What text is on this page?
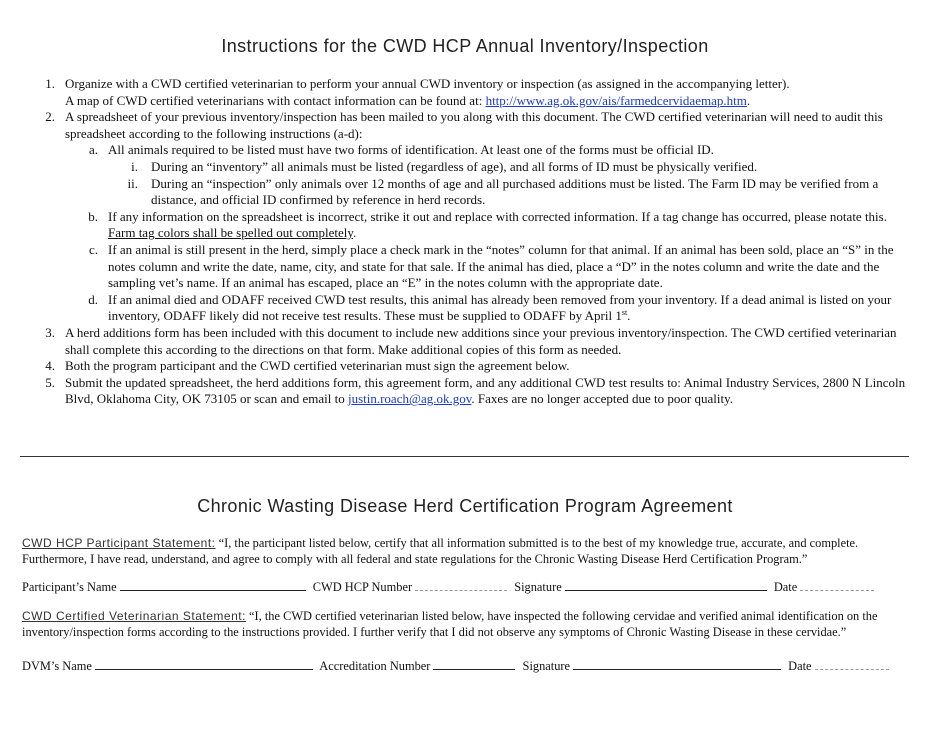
Instructions for the CWD HCP Annual Inventory/Inspection
1. Organize with a CWD certified veterinarian to perform your annual CWD inventory or inspection (as assigned in the accompanying letter).
A map of CWD certified veterinarians with contact information can be found at: http://www.ag.ok.gov/ais/farmedcervidaemap.htm.
2. A spreadsheet of your previous inventory/inspection has been mailed to you along with this document. The CWD certified veterinarian will need to audit this spreadsheet according to the following instructions (a-d):
a. All animals required to be listed must have two forms of identification. At least one of the forms must be official ID.
i.	During an “inventory” all animals must be listed (regardless of age), and all forms of ID must be physically verified.
ii.	During an “inspection” only animals over 12 months of age and all purchased additions must be listed. The Farm ID may be verified from a distance, and official ID confirmed by reference in herd records.
b. If any information on the spreadsheet is incorrect, strike it out and replace with corrected information. If a tag change has occurred, please notate this. Farm tag colors shall be spelled out completely.
c. If an animal is still present in the herd, simply place a check mark in the “notes” column for that animal. If an animal has been sold, place an “S” in the notes column and write the date, name, city, and state for that sale. If the animal has died, place a “D” in the notes column and write the date and the sampling vet’s name. If an animal has escaped, place an “E” in the notes column with the appropriate date.
d. If an animal died and ODAFF received CWD test results, this animal has already been removed from your inventory. If a dead animal is listed on your inventory, ODAFF likely did not receive test results. These must be supplied to ODAFF by April 1st.
3. A herd additions form has been included with this document to include new additions since your previous inventory/inspection. The CWD certified veterinarian shall complete this according to the directions on that form. Make additional copies of this form as needed.
4. Both the program participant and the CWD certified veterinarian must sign the agreement below.
5. Submit the updated spreadsheet, the herd additions form, this agreement form, and any additional CWD test results to: Animal Industry Services, 2800 N Lincoln Blvd, Oklahoma City, OK 73105 or scan and email to justin.roach@ag.ok.gov. Faxes are no longer accepted due to poor quality.
Chronic Wasting Disease Herd Certification Program Agreement
CWD HCP Participant Statement: “I, the participant listed below, certify that all information submitted is to the best of my knowledge true, accurate, and complete. Furthermore, I have read, understand, and agree to comply with all federal and state regulations for the Chronic Wasting Disease Herd Certification Program.”
Participant’s Name	CWD HCP Number	Signature	Date
CWD Certified Veterinarian Statement: “I, the CWD certified veterinarian listed below, have inspected the following cervidae and verified animal identification on the inventory/inspection forms according to the instructions provided. I further verify that I did not observe any symptoms of Chronic Wasting Disease in these cervidae.”
DVM’s Name	Accreditation Number	Signature	Date
